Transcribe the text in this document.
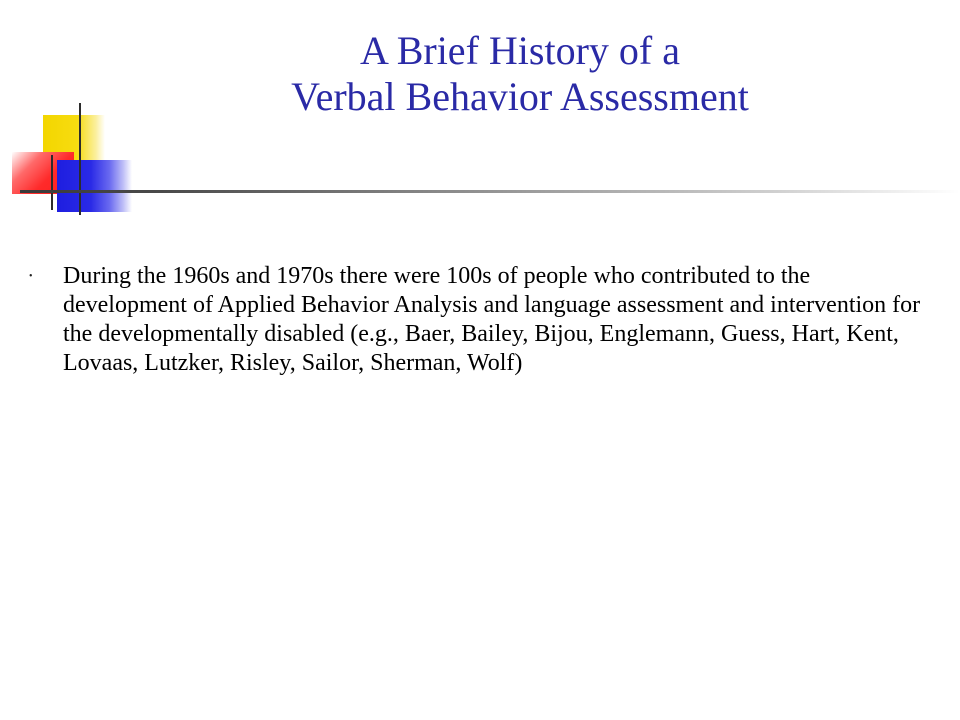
A Brief History of a
Verbal Behavior Assessment
•	During the 1960s and 1970s there were 100s of people who contributed to the development of Applied Behavior Analysis and language assessment and intervention for the developmentally disabled (e.g., Baer, Bailey, Bijou, Englemann, Guess, Hart, Kent, Lovaas, Lutzker, Risley, Sailor, Sherman, Wolf)
